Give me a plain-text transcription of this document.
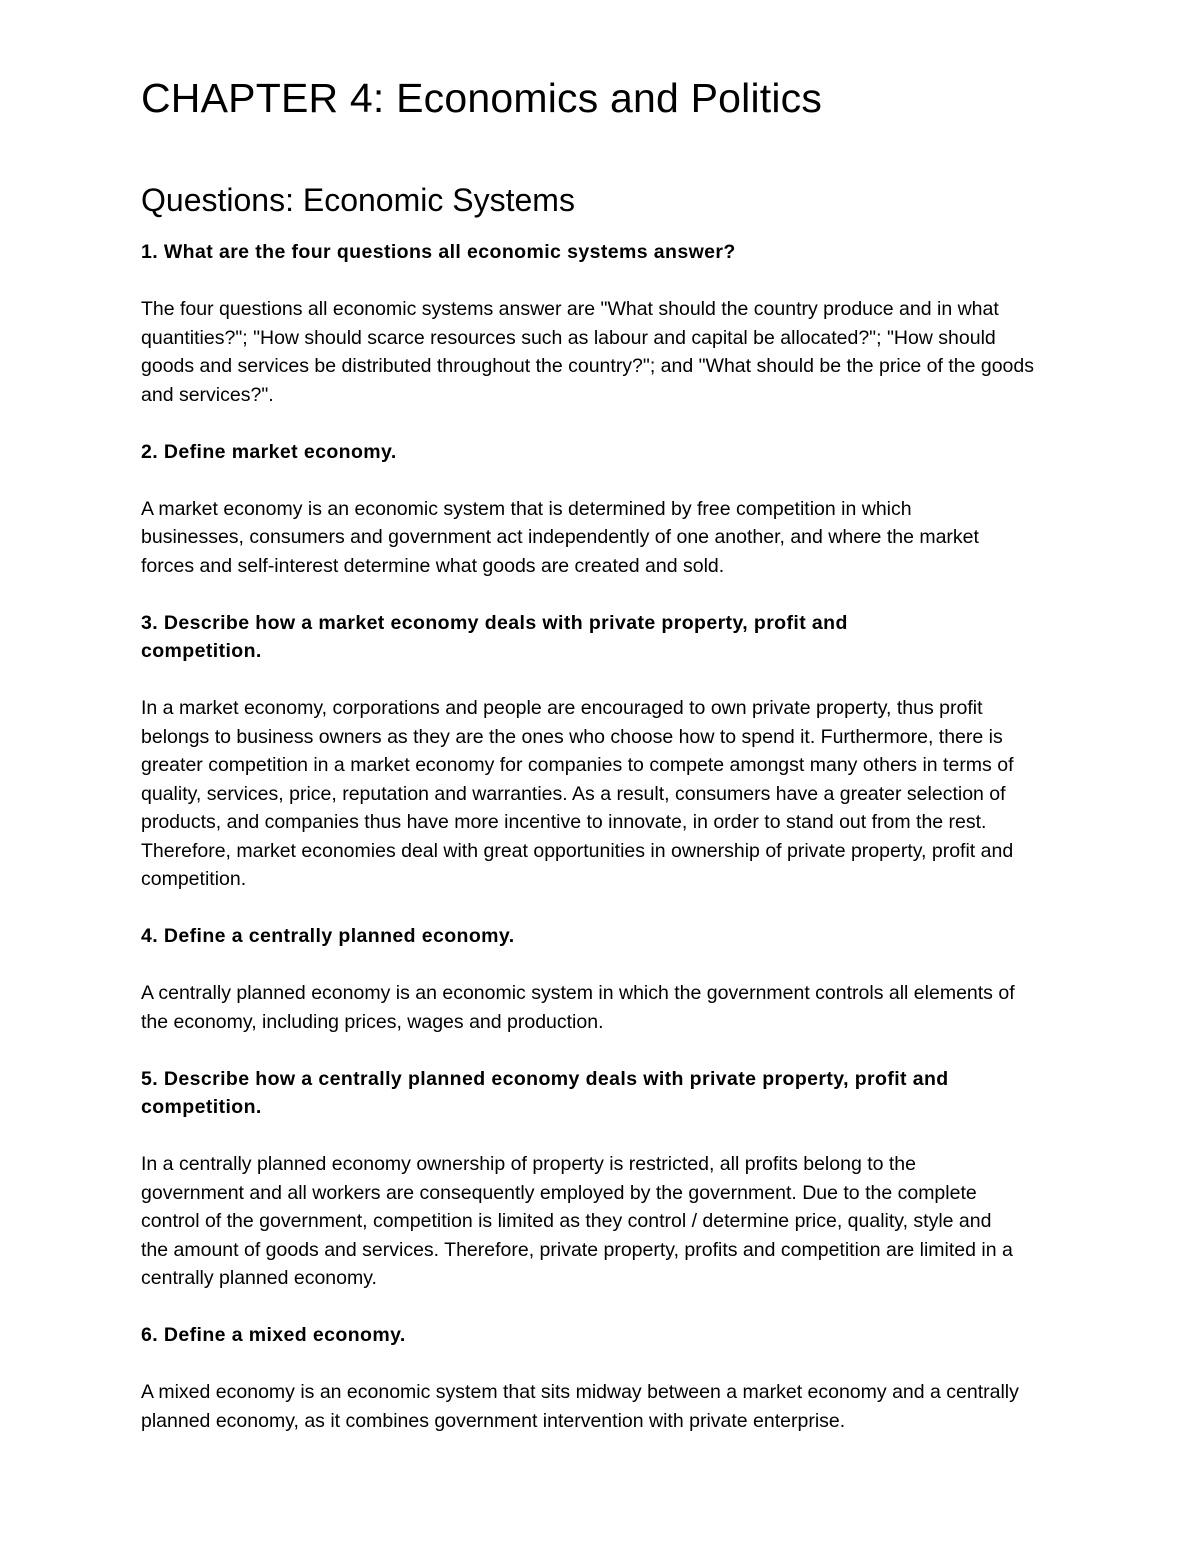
CHAPTER 4: Economics and Politics
Questions: Economic Systems

1. What are the four questions all economic systems answer?

The four questions all economic systems answer are "What should the country produce and in what quantities?"; "How should scarce resources such as labour and capital be allocated?"; "How should goods and services be distributed throughout the country?"; and "What should be the price of the goods and services?".

2. Define market economy.

A market economy is an economic system that is determined by free competition in which businesses, consumers and government act independently of one another, and where the market forces and self-interest determine what goods are created and sold.

3. Describe how a market economy deals with private property, profit and competition.

In a market economy, corporations and people are encouraged to own private property, thus profit belongs to business owners as they are the ones who choose how to spend it. Furthermore, there is greater competition in a market economy for companies to compete amongst many others in terms of quality, services, price, reputation and warranties. As a result, consumers have a greater selection of products, and companies thus have more incentive to innovate, in order to stand out from the rest. Therefore, market economies deal with great opportunities in ownership of private property, profit and competition.

4. Define a centrally planned economy.

A centrally planned economy is an economic system in which the government controls all elements of the economy, including prices, wages and production.

5. Describe how a centrally planned economy deals with private property, profit and competition.

In a centrally planned economy ownership of property is restricted, all profits belong to the government and all workers are consequently employed by the government. Due to the complete control of the government, competition is limited as they control / determine price, quality, style and the amount of goods and services. Therefore, private property, profits and competition are limited in a centrally planned economy.

6. Define a mixed economy.

A mixed economy is an economic system that sits midway between a market economy and a centrally planned economy, as it combines government intervention with private enterprise.
